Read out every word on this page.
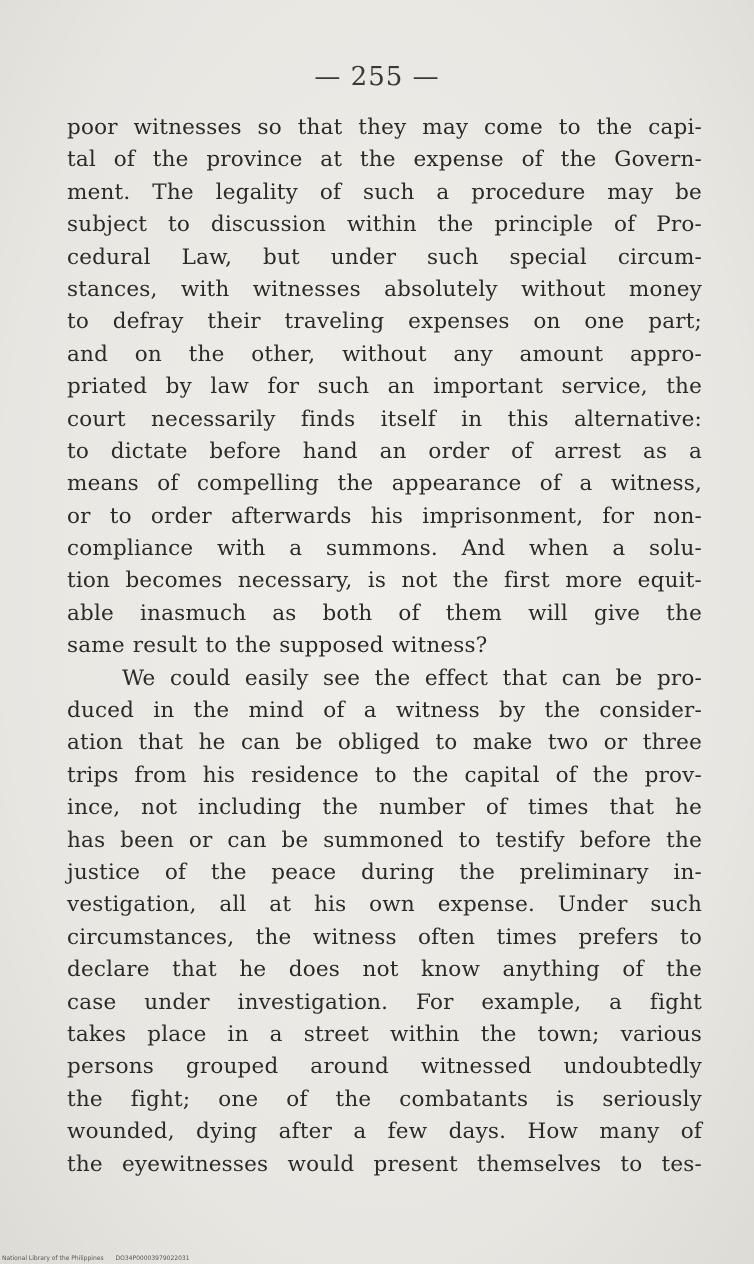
— 255 —
poor witnesses so that they may come to the capi-
tal of the province at the expense of the Govern-
ment. The legality of such a procedure may be
subject to discussion within the principle of Pro-
cedural Law, but under such special circum-
stances, with witnesses absolutely without money
to defray their traveling expenses on one part;
and on the other, without any amount appro-
priated by law for such an important service, the
court necessarily finds itself in this alternative:
to dictate before hand an order of arrest as a
means of compelling the appearance of a witness,
or to order afterwards his imprisonment, for non-
compliance with a summons. And when a solu-
tion becomes necessary, is not the first more equit-
able inasmuch as both of them will give the
same result to the supposed witness?
We could easily see the effect that can be pro-
duced in the mind of a witness by the consider-
ation that he can be obliged to make two or three
trips from his residence to the capital of the prov-
ince, not including the number of times that he
has been or can be summoned to testify before the
justice of the peace during the preliminary in-
vestigation, all at his own expense. Under such
circumstances, the witness often times prefers to
declare that he does not know anything of the
case under investigation. For example, a fight
takes place in a street within the town; various
persons grouped around witnessed undoubtedly
the fight; one of the combatants is seriously
wounded, dying after a few days. How many of
the eyewitnesses would present themselves to tes-
National Library of the Philippines DO34P00003979022031
